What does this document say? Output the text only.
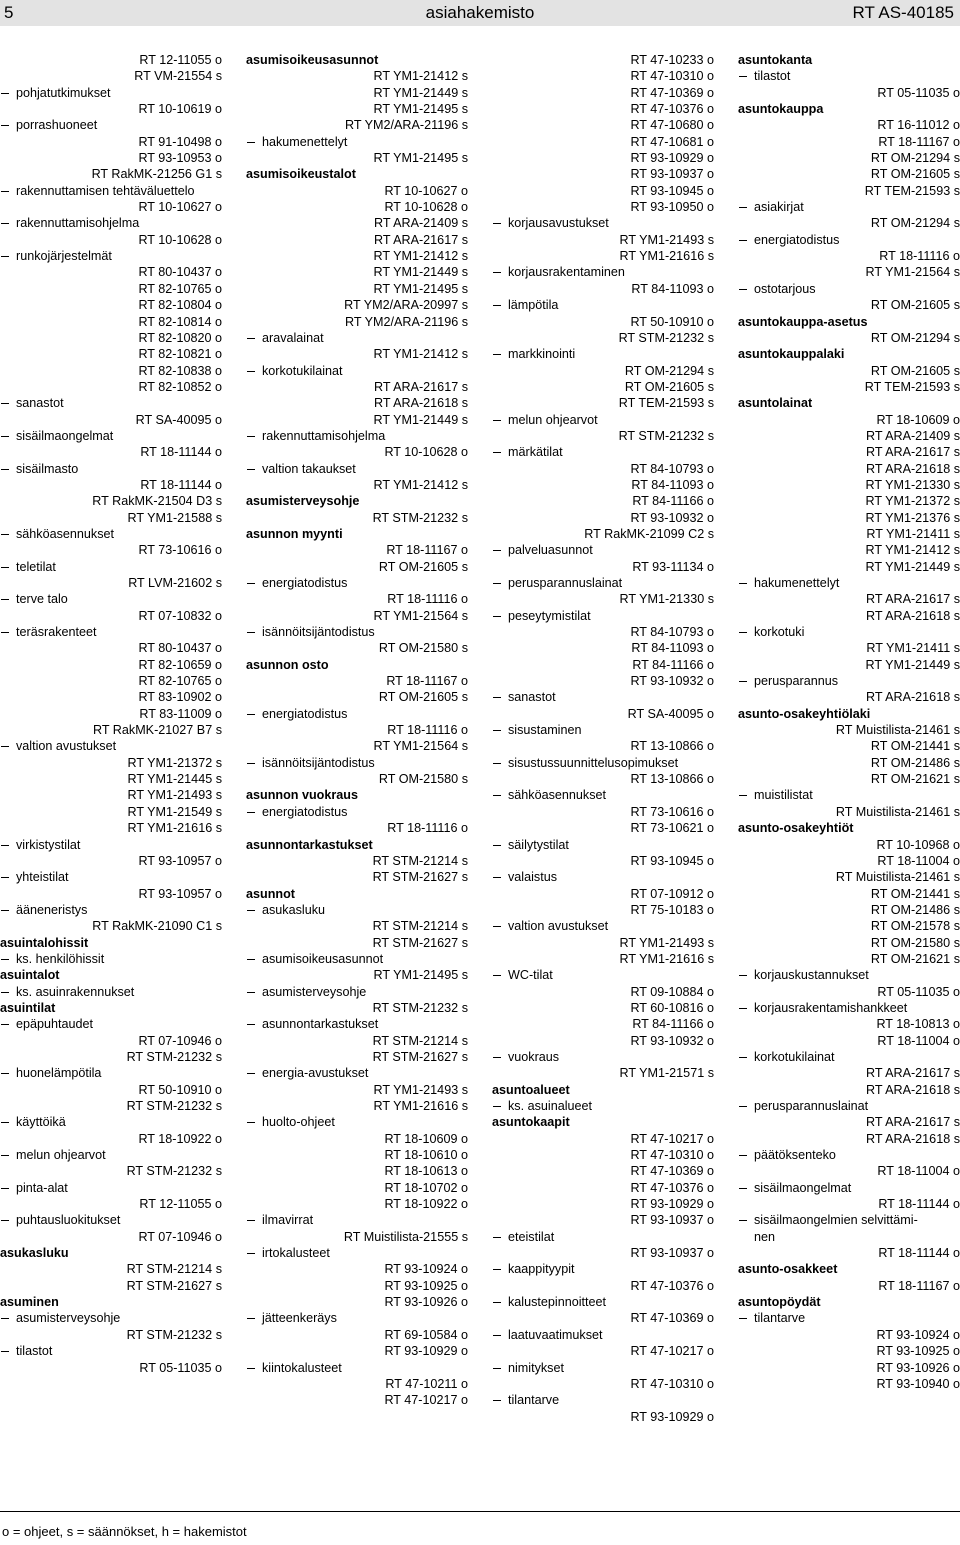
5	asiahakemisto	RT AS-40185
RT 12-11055 o
RT VM-21554 s
pohjatutkimukset
RT 10-10619 o
porrashuoneet
RT 91-10498 o
RT 93-10953 o
RT RakMK-21256 G1 s
rakennuttamisen tehtäväluettelo
RT 10-10627 o
rakennuttamisohjelma
RT 10-10628 o
runkojärjestelmät
RT 80-10437 o
RT 82-10765 o
RT 82-10804 o
RT 82-10814 o
RT 82-10820 o
RT 82-10821 o
RT 82-10838 o
RT 82-10852 o
sanastot
RT SA-40095 o
sisäilmaongelmat
RT 18-11144 o
sisäilmasto
RT 18-11144 o
RT RakMK-21504 D3 s
RT YM1-21588 s
sähköasennukset
RT 73-10616 o
teletilat
RT LVM-21602 s
terve talo
RT 07-10832 o
teräsrakenteet
RT 80-10437 o
RT 82-10659 o
RT 82-10765 o
RT 83-10902 o
RT 83-11009 o
RT RakMK-21027 B7 s
valtion avustukset
RT YM1-21372 s
RT YM1-21445 s
RT YM1-21493 s
RT YM1-21549 s
RT YM1-21616 s
virkistystilat
RT 93-10957 o
yhteistilat
RT 93-10957 o
ääneneristys
RT RakMK-21090 C1 s
asuintalohissit
ks. henkilöhissit
asuintalot
ks. asuinrakennukset
asuintilat
epäpuhtaudet
RT 07-10946 o
RT STM-21232 s
huonelämpötila
RT 50-10910 o
RT STM-21232 s
käyttöikä
RT 18-10922 o
melun ohjearvot
RT STM-21232 s
pinta-alat
RT 12-11055 o
puhtausluokitukset
RT 07-10946 o
asukasluku
RT STM-21214 s
RT STM-21627 s
asuminen
asumisterveysohje
RT STM-21232 s
tilastot
RT 05-11035 o
asumisoikeusasunnot
RT YM1-21412 s
RT YM1-21449 s
RT YM1-21495 s
RT YM2/ARA-21196 s
hakumenettelyt
RT YM1-21495 s
asumisoikeustalot
RT 10-10627 o
RT 10-10628 o
RT ARA-21409 s
RT ARA-21617 s
RT YM1-21412 s
RT YM1-21449 s
RT YM1-21495 s
RT YM2/ARA-20997 s
RT YM2/ARA-21196 s
aravalainat
RT YM1-21412 s
korkotukilainat
RT ARA-21617 s
RT ARA-21618 s
RT YM1-21449 s
rakennuttamisohjelma
RT 10-10628 o
valtion takaukset
RT YM1-21412 s
asumisterveysohje
RT STM-21232 s
asunnon myynti
RT 18-11167 o
RT OM-21605 s
energiatodistus
RT 18-11116 o
RT YM1-21564 s
isännöitsijäntodistus
RT OM-21580 s
asunnon osto
RT 18-11167 o
RT OM-21605 s
energiatodistus
RT 18-11116 o
RT YM1-21564 s
isännöitsijäntodistus
RT OM-21580 s
asunnon vuokraus
energiatodistus
RT 18-11116 o
asunnontarkastukset
RT STM-21214 s
RT STM-21627 s
asunnot
asukasluku
RT STM-21214 s
RT STM-21627 s
asumisoikeusasunnot
RT YM1-21495 s
asumisterveysohje
RT STM-21232 s
asunnontarkastukset
RT STM-21214 s
RT STM-21627 s
energia-avustukset
RT YM1-21493 s
RT YM1-21616 s
huolto-ohjeet
RT 18-10609 o
RT 18-10610 o
RT 18-10613 o
RT 18-10702 o
RT 18-10922 o
ilmavirrat
RT Muistilista-21555 s
irtokalusteet
RT 93-10924 o
RT 93-10925 o
RT 93-10926 o
jätteenkeräys
RT 69-10584 o
RT 93-10929 o
kiintokalusteet
RT 47-10211 o
RT 47-10217 o
RT 47-10233 o
RT 47-10310 o
RT 47-10369 o
RT 47-10376 o
RT 47-10680 o
RT 47-10681 o
RT 93-10929 o
RT 93-10937 o
RT 93-10945 o
RT 93-10950 o
korjausavustukset
RT YM1-21493 s
RT YM1-21616 s
korjausrakentaminen
RT 84-11093 o
lämpötila
RT 50-10910 o
RT STM-21232 s
markkinointi
RT OM-21294 s
RT OM-21605 s
RT TEM-21593 s
melun ohjearvot
RT STM-21232 s
märkätilat
RT 84-10793 o
RT 84-11093 o
RT 84-11166 o
RT 93-10932 o
RT RakMK-21099 C2 s
palveluasunnot
RT 93-11134 o
perusparannuslainat
RT YM1-21330 s
peseytymistilat
RT 84-10793 o
RT 84-11093 o
RT 84-11166 o
RT 93-10932 o
sanastot
RT SA-40095 o
sisustaminen
RT 13-10866 o
sisustussuunnittelusopimukset
RT 13-10866 o
sähköasennukset
RT 73-10616 o
RT 73-10621 o
säilytystilat
RT 93-10945 o
valaistus
RT 07-10912 o
RT 75-10183 o
valtion avustukset
RT YM1-21493 s
RT YM1-21616 s
WC-tilat
RT 09-10884 o
RT 60-10816 o
RT 84-11166 o
RT 93-10932 o
vuokraus
RT YM1-21571 s
asuntoalueet
ks. asuinalueet
asuntokaapit
RT 47-10217 o
RT 47-10310 o
RT 47-10369 o
RT 47-10376 o
RT 93-10929 o
RT 93-10937 o
eteistilat
RT 93-10937 o
kaappityypit
RT 47-10376 o
kalustepinnoitteet
RT 47-10369 o
laatuvaatimukset
RT 47-10217 o
nimitykset
RT 47-10310 o
tilantarve
RT 93-10929 o
asuntokanta
tilastot
RT 05-11035 o
asuntokauppa
RT 16-11012 o
RT 18-11167 o
RT OM-21294 s
RT OM-21605 s
RT TEM-21593 s
asiakirjat
RT OM-21294 s
energiatodistus
RT 18-11116 o
RT YM1-21564 s
ostotarjous
RT OM-21605 s
asuntokauppa-asetus
RT OM-21294 s
asuntokauppalaki
RT OM-21605 s
RT TEM-21593 s
asuntolainat
RT 18-10609 o
RT ARA-21409 s
RT ARA-21617 s
RT ARA-21618 s
RT YM1-21330 s
RT YM1-21372 s
RT YM1-21376 s
RT YM1-21411 s
RT YM1-21412 s
RT YM1-21449 s
hakumenettelyt
RT ARA-21617 s
RT ARA-21618 s
korkotuki
RT YM1-21411 s
RT YM1-21449 s
perusparannus
RT ARA-21618 s
asunto-osakeyhtiölaki
RT Muistilista-21461 s
RT OM-21441 s
RT OM-21486 s
RT OM-21621 s
muistilistat
RT Muistilista-21461 s
asunto-osakeyhtiöt
RT 10-10968 o
RT 18-11004 o
RT Muistilista-21461 s
RT OM-21441 s
RT OM-21486 s
RT OM-21578 s
RT OM-21580 s
RT OM-21621 s
korjauskustannukset
RT 05-11035 o
korjausrakentamishankkeet
RT 18-10813 o
RT 18-11004 o
korkotukilainat
RT ARA-21617 s
RT ARA-21618 s
perusparannuslainat
RT ARA-21617 s
RT ARA-21618 s
päätöksenteko
RT 18-11004 o
sisäilmaongelmat
RT 18-11144 o
sisäilmaongelmien selvittämi-
nen
RT 18-11144 o
asunto-osakkeet
RT 18-11167 o
asuntopöydät
tilantarve
RT 93-10924 o
RT 93-10925 o
RT 93-10926 o
RT 93-10940 o
o = ohjeet, s = säännökset, h = hakemistot
